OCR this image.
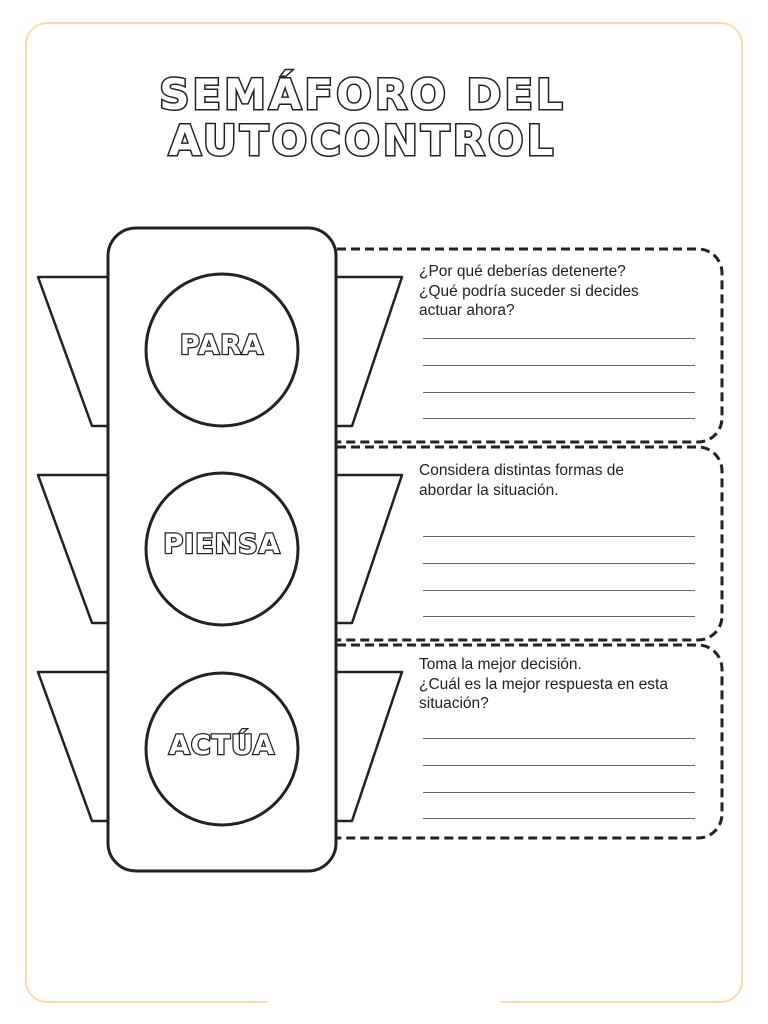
SEMÁFORO DEL
AUTOCONTROL
PARA
PIENSA
ACTÚA

¿Por qué deberías detenerte?

¿Qué podría suceder si decides

actuar ahora?

Considera distintas formas de

abordar la situación.

Toma la mejor decisión.

¿Cuál es la mejor respuesta en esta

situación?
